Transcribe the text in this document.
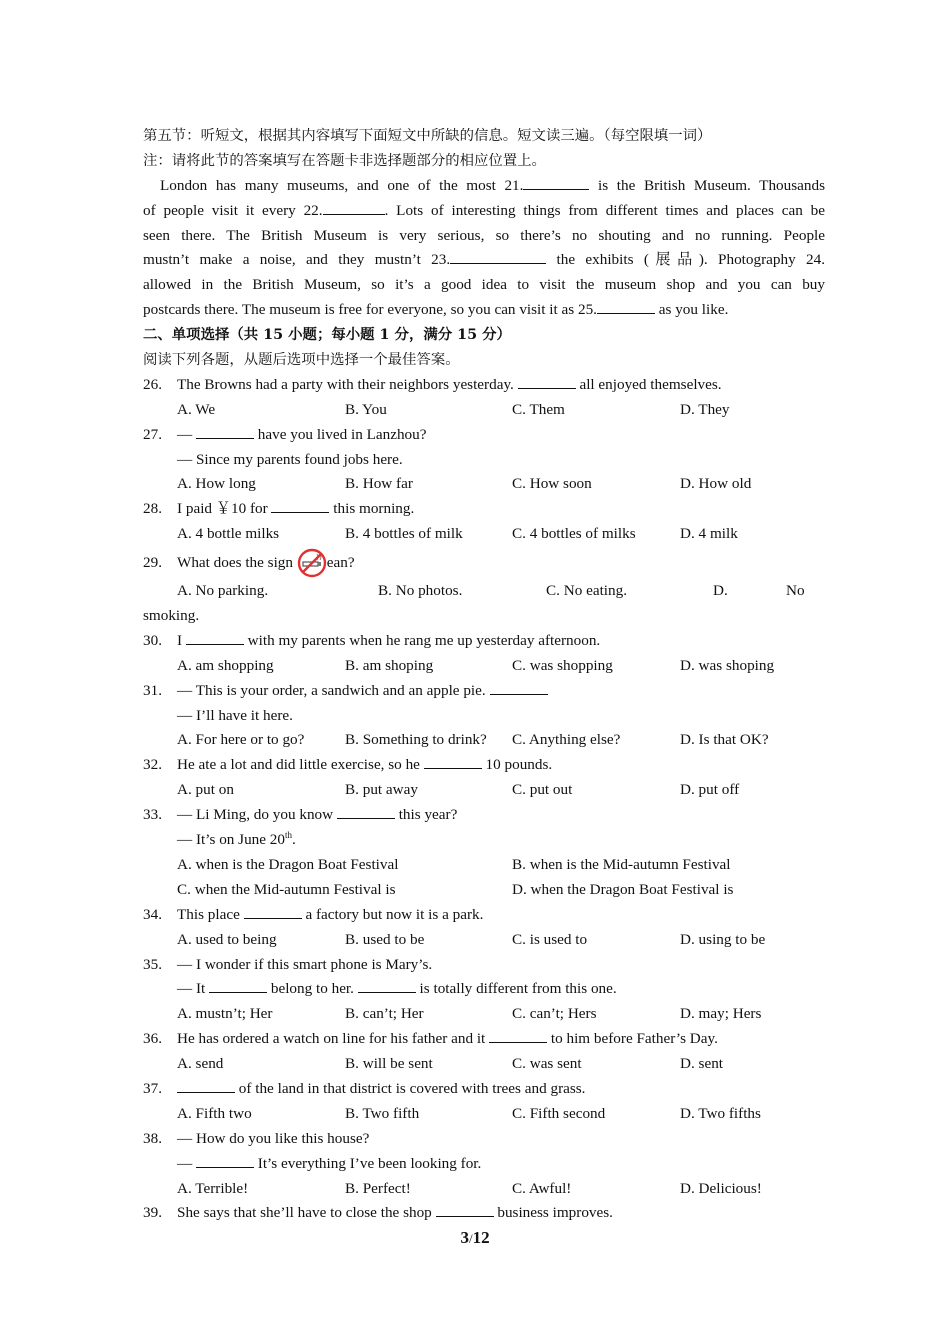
第五节：听短文，根据其内容填写下面短文中所缺的信息。短文读三遍。（每空限填一词）
注：请将此节的答案填写在答题卡非选择题部分的相应位置上。
London has many museums, and one of the most 21.	is the British Museum. Thousands
of people visit it every 22.	. Lots of interesting things from different times and places can be
seen there. The British Museum is very serious, so there’s no shouting and no running. People
mustn’t make a noise, and they mustn’t 23.	the exhibits (展品). Photography 24.
allowed in the British Museum, so it’s a good idea to visit the museum shop and you can buy
postcards there. The museum is free for everyone, so you can visit it as 25.	as you like.
二、单项选择（共 15 小题；每小题 1 分，满分 15 分）
阅读下列各题，从题后选项中选择一个最佳答案。
26. The Browns had a party with their neighbors yesterday.	all enjoyed themselves.
A. We	B. You	C. Them	D. They
27. —	have you lived in Lanzhou?
— Since my parents found jobs here.
A. How long	B. How far	C. How soon	D. How old
28. I paid ￥10 for	this morning.
A. 4 bottle milks	B. 4 bottles of milk	C. 4 bottles of milks	D. 4 milk
29. What does the sign ean?
A. No parking.	B. No photos.	C. No eating.	D.	No
smoking.
30. I	with my parents when he rang me up yesterday afternoon.
A. am shopping	B. am shoping	C. was shopping	D. was shoping
31. — This is your order, a sandwich and an apple pie.
— I’ll have it here.
A. For here or to go?	B. Something to drink? C. Anything else?	D. Is that OK?
32. He ate a lot and did little exercise, so he	10 pounds.
A. put on	B. put away	C. put out	D. put off
33. — Li Ming, do you know	this year?
— It’s on June 20th.
A. when is the Dragon Boat Festival	B. when is the Mid-autumn Festival
C. when the Mid-autumn Festival is	D. when the Dragon Boat Festival is
34. This place	a factory but now it is a park.
A. used to being	B. used to be	C. is used to	D. using to be
35. — I wonder if this smart phone is Mary’s.
— It	belong to her.	is totally different from this one.
A. mustn’t; Her	B. can’t; Her	C. can’t; Hers	D. may; Hers
36. He has ordered a watch on line for his father and it	to him before Father’s Day.
A. send	B. will be sent	C. was sent	D. sent
37.	of the land in that district is covered with trees and grass.
A. Fifth two	B. Two fifth	C. Fifth second	D. Two fifths
38. — How do you like this house?
—	It’s everything I’ve been looking for.
A. Terrible!	B. Perfect!	C. Awful!	D. Delicious!
39. She says that she’ll have to close the shop	business improves.
3/12
